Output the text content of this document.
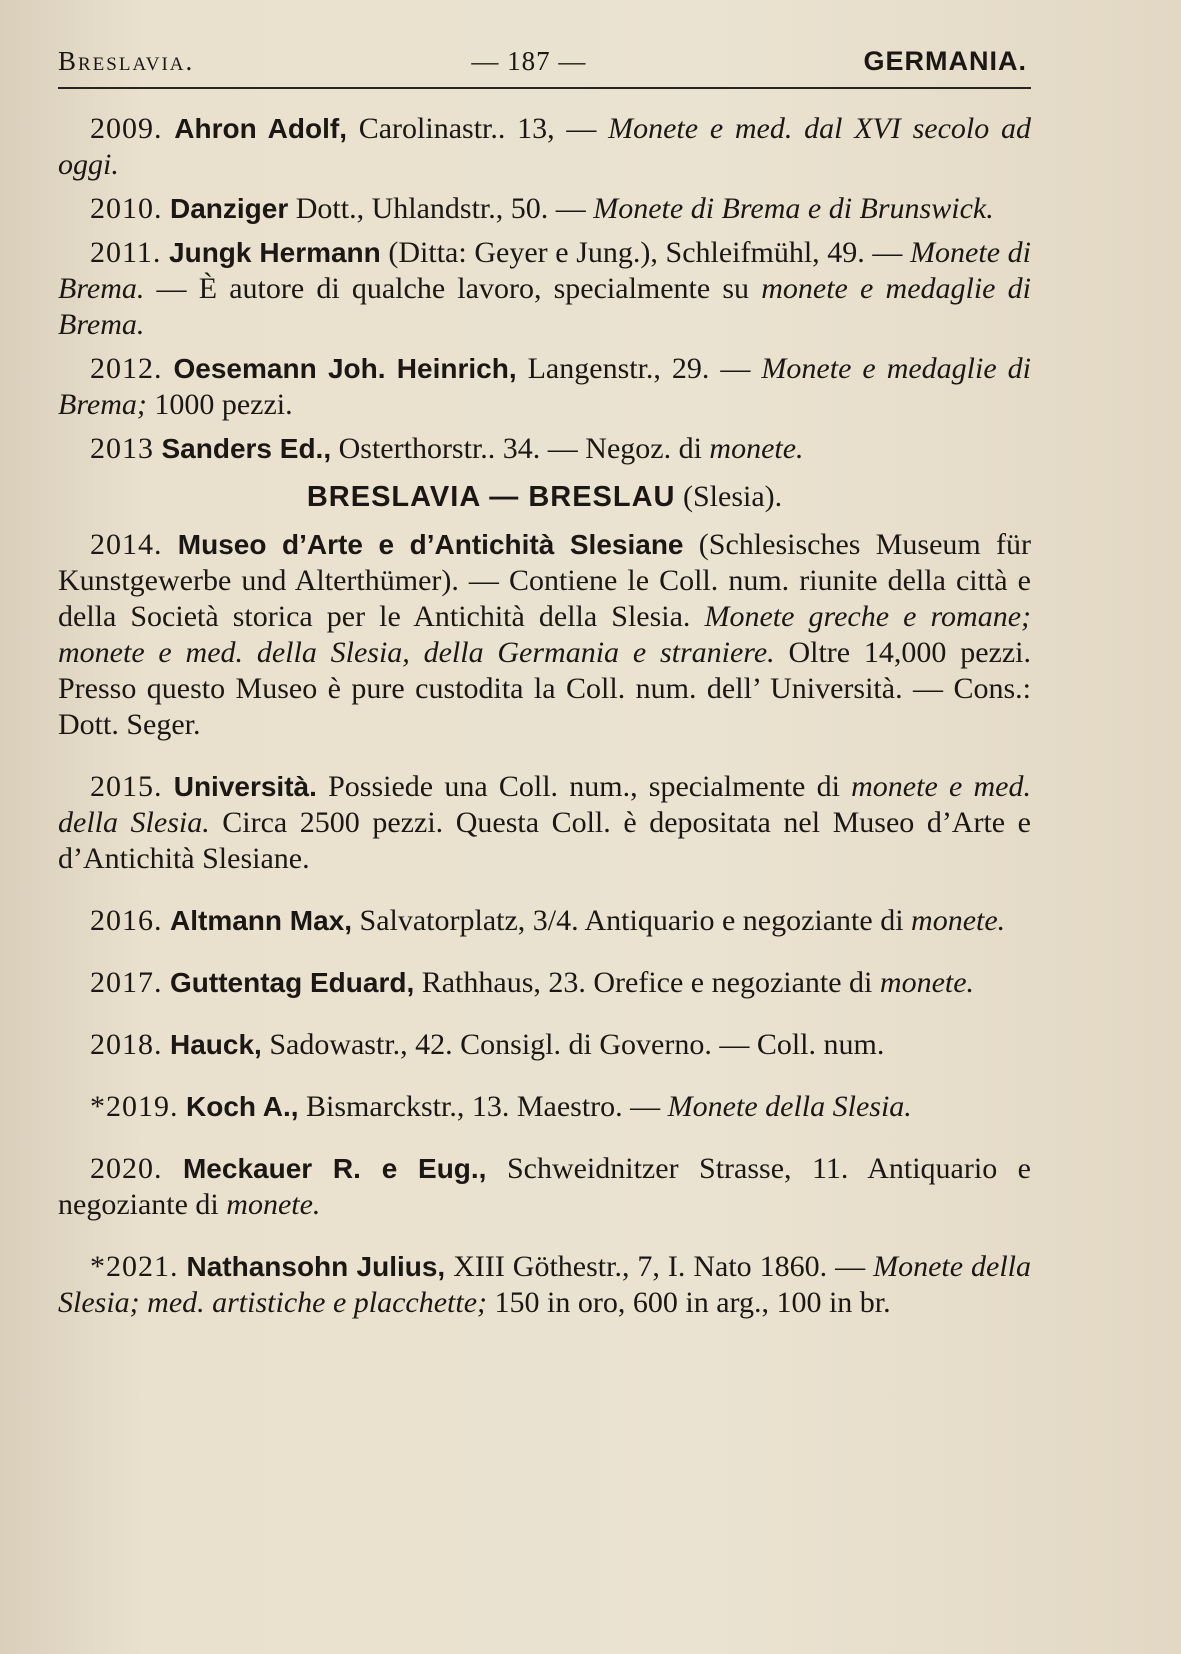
Breslavia.	— 187 —	GERMANIA.

2009. Ahron Adolf, Carolinastr.. 13, — Monete e med. dal XVI secolo ad oggi.

2010. Danziger Dott., Uhlandstr., 50. — Monete di Brema e di Brunswick.

2011. Jungk Hermann (Ditta: Geyer e Jung.), Schleifmühl, 49. — Monete di Brema. — È autore di qualche lavoro, specialmente su monete e medaglie di Brema.

2012. Oesemann Joh. Heinrich, Langenstr., 29. — Monete e medaglie di Brema; 1000 pezzi.

2013 Sanders Ed., Osterthorstr.. 34. — Negoz. di monete.

BRESLAVIA — BRESLAU (Slesia).

2014. Museo d’Arte e d’Antichità Slesiane (Schlesisches Museum für Kunstgewerbe und Alterthümer). — Contiene le Coll. num. riunite della città e della Società storica per le Antichità della Slesia. Monete greche e romane; monete e med. della Slesia, della Germania e straniere. Oltre 14,000 pezzi. Presso questo Museo è pure custodita la Coll. num. dell’ Università. — Cons.: Dott. Seger.

2015. Università. Possiede una Coll. num., specialmente di monete e med. della Slesia. Circa 2500 pezzi. Questa Coll. è depositata nel Museo d’Arte e d’Antichità Slesiane.

2016. Altmann Max, Salvatorplatz, 3/4. Antiquario e negoziante di monete.

2017. Guttentag Eduard, Rathhaus, 23. Orefice e negoziante di monete.

2018. Hauck, Sadowastr., 42. Consigl. di Governo. — Coll. num.

*2019. Koch A., Bismarckstr., 13. Maestro. — Monete della Slesia.

2020. Meckauer R. e Eug., Schweidnitzer Strasse, 11. Antiquario e negoziante di monete.

*2021. Nathansohn Julius, XIII Göthestr., 7, I. Nato 1860. — Monete della Slesia; med. artistiche e placchette; 150 in oro, 600 in arg., 100 in br.
